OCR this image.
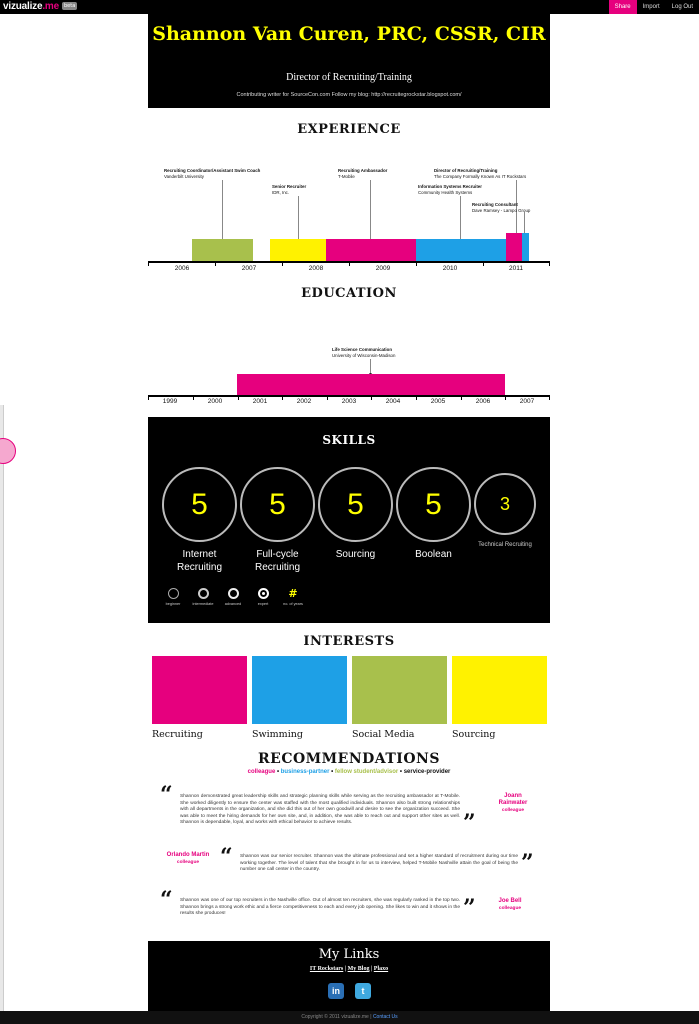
vizualize.me	beta	Share	Import	Log Out
Shannon Van Curen, PRC, CSSR, CIR
Director of Recruiting/Training
Contributing writer for SourceCon.com Follow my blog: http://recruitegrockstar.blogspot.com/
EXPERIENCE
Recruiting Coordinator/Assistant Swim Coach
Vanderbilt University
Senior Recruiter
IDR, Inc.
Recruiting Ambassador
T-Mobile
Director of Recruiting/Training
The Company Formally Known As IT Rockstars
Information Systems Recruiter
Community Health Systems
Recruiting Consultant
Dave Ramsey - Lampo Group
2006	2007	2008	2009	2010	2011
EDUCATION
Life Science Communication
University of Wisconsin-Madison
1999	2000	2001	2002	2003	2004	2005	2006	2007
SKILLS
5
Internet Recruiting
5
Full-cycle Recruiting
5
Sourcing
5
Boolean
3
Technical Recruiting
beginner	intermediate	advanced	expert
#
no. of years
INTERESTS
Recruiting	Swimming	Social Media	Sourcing
RECOMMENDATIONS
colleague • business-partner • fellow student/advisor • service-provider
“ Shannon demonstrated great leadership skills and strategic planning skills while serving as the recruiting ambassador at T-Mobile. She worked diligently to ensure the center was staffed with the most qualified individuals. Shannon also built strong relationships with all departments in the organization, and she did this out of her own goodwill and desire to see the organization succeed. She was able to meet the hiring demands for her own site, and, in addition, she was able to reach out and support other sites as well. Shannon is dependable, loyal, and works with ethical behavior to achieve results.	”
Joann Rainwater
colleague
Orlando Martin
colleague “ Shannon was our senior recruiter. Shannon was the ultimate professional and set a higher standard of recruitment during our time working together. The level of talent that she brought in for us to interview, helped T-Mobile Nashville attain the goal of being the number one call center in the country.	”
“ Shannon was one of our top recruiters in the Nashville office. Out of almost ten recruiters, she was regularly ranked in the top two. Shannon brings a strong work ethic and a fierce competitiveness to each and every job opening. She likes to win and it shows in the results she produces!	”	Joe Bell
colleague
My Links
IT Rockstars | My Blog | Plaxo
in	t
Copyright © 2011 vizualize.me | Contact Us
